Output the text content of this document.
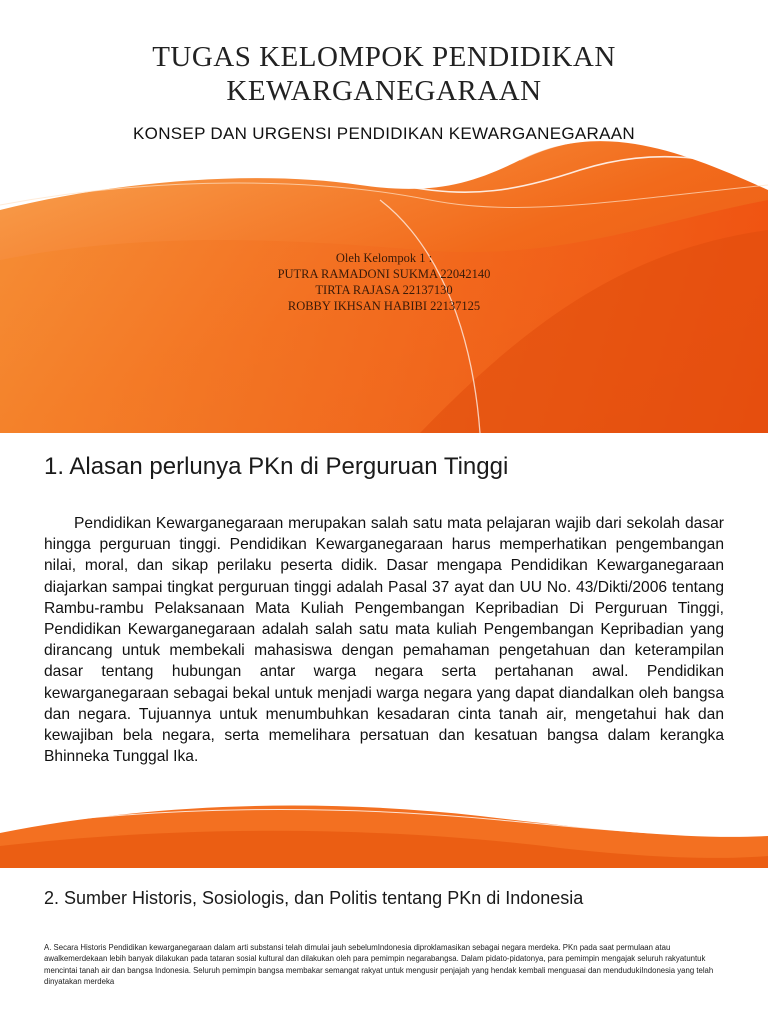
TUGAS KELOMPOK PENDIDIKAN
KEWARGANEGARAAN
KONSEP DAN URGENSI PENDIDIKAN KEWARGANEGARAAN
Oleh Kelompok 1 :
PUTRA RAMADONI SUKMA 22042140
TIRTA RAJASA 22137130
ROBBY IKHSAN HABIBI 22137125
1. Alasan perlunya PKn di Perguruan Tinggi

Pendidikan Kewarganegaraan merupakan salah satu mata pelajaran wajib dari sekolah dasar hingga perguruan tinggi. Pendidikan Kewarganegaraan harus memperhatikan pengembangan nilai, moral, dan sikap perilaku peserta didik. Dasar mengapa Pendidikan Kewarganegaraan diajarkan sampai tingkat perguruan tinggi adalah Pasal 37 ayat dan UU No. 43/Dikti/2006 tentang Rambu-rambu Pelaksanaan Mata Kuliah Pengembangan Kepribadian Di Perguruan Tinggi, Pendidikan Kewarganegaraan adalah salah satu mata kuliah Pengembangan Kepribadian yang dirancang untuk membekali mahasiswa dengan pemahaman pengetahuan dan keterampilan dasar tentang hubungan antar warga negara serta pertahanan awal. Pendidikan kewarganegaraan sebagai bekal untuk menjadi warga negara yang dapat diandalkan oleh bangsa dan negara. Tujuannya untuk menumbuhkan kesadaran cinta tanah air, mengetahui hak dan kewajiban bela negara, serta memelihara persatuan dan kesatuan bangsa dalam kerangka Bhinneka Tunggal Ika.

2. Sumber Historis, Sosiologis, dan Politis tentang PKn di Indonesia

A. Secara Historis Pendidikan kewarganegaraan dalam arti substansi telah dimulai jauh sebelumIndonesia diproklamasikan sebagai negara merdeka. PKn pada saat permulaan atau awalkemerdekaan lebih banyak dilakukan pada tataran sosial kultural dan dilakukan oleh para pemimpin negarabangsa. Dalam pidato-pidatonya, para pemimpin mengajak seluruh rakyatuntuk mencintai tanah air dan bangsa Indonesia. Seluruh pemimpin bangsa membakar semangat rakyat untuk mengusir penjajah yang hendak kembali menguasai dan mendudukiIndonesia yang telah dinyatakan merdeka
